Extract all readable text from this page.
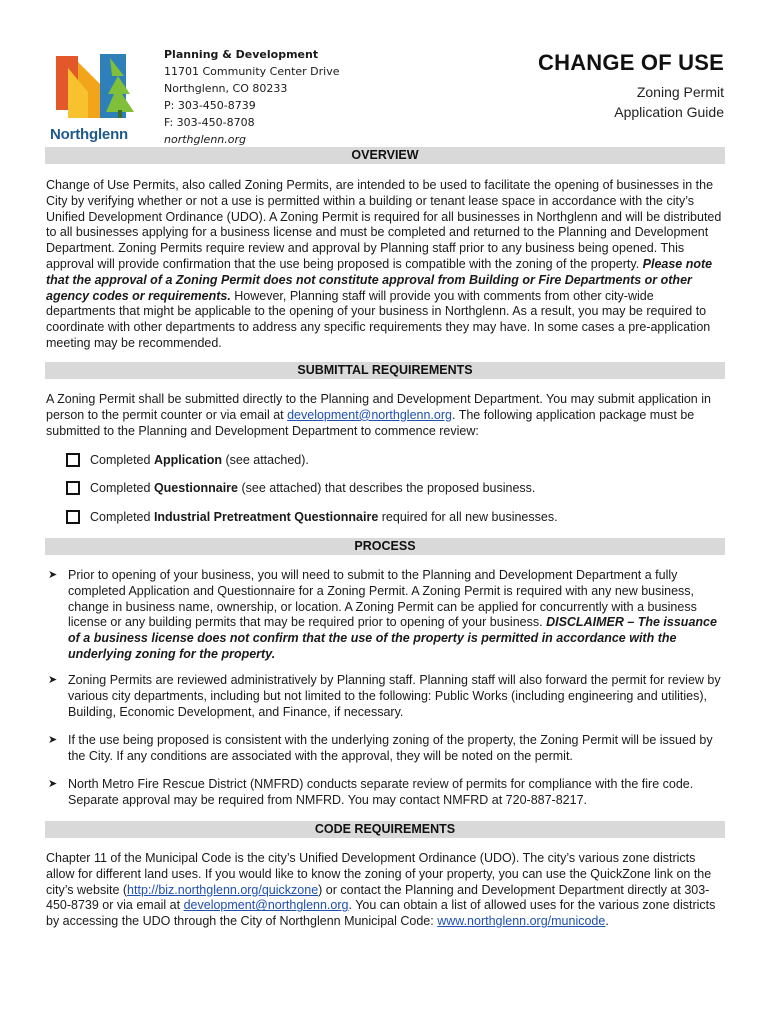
Northglenn
Planning & Development
11701 Community Center Drive
Northglenn, CO 80233
P: 303-450-8739
F: 303-450-8708
northglenn.org
CHANGE OF USE
Zoning Permit
Application Guide
OVERVIEW
Change of Use Permits, also called Zoning Permits, are intended to be used to facilitate the opening of businesses in the City by verifying whether or not a use is permitted within a building or tenant lease space in accordance with the city’s Unified Development Ordinance (UDO). A Zoning Permit is required for all businesses in Northglenn and will be distributed to all businesses applying for a business license and must be completed and returned to the Planning and Development Department. Zoning Permits require review and approval by Planning staff prior to any business being opened. This approval will provide confirmation that the use being proposed is compatible with the zoning of the property. Please note that the approval of a Zoning Permit does not constitute approval from Building or Fire Departments or other agency codes or requirements. However, Planning staff will provide you with comments from other city-wide departments that might be applicable to the opening of your business in Northglenn. As a result, you may be required to coordinate with other departments to address any specific requirements they may have. In some cases a pre-application meeting may be recommended.
SUBMITTAL REQUIREMENTS
A Zoning Permit shall be submitted directly to the Planning and Development Department. You may submit application in person to the permit counter or via email at development@northglenn.org. The following application package must be submitted to the Planning and Development Department to commence review:
Completed Application (see attached).
Completed Questionnaire (see attached) that describes the proposed business.
Completed Industrial Pretreatment Questionnaire required for all new businesses.
PROCESS
➤ Prior to opening of your business, you will need to submit to the Planning and Development Department a fully completed Application and Questionnaire for a Zoning Permit. A Zoning Permit is required with any new business, change in business name, ownership, or location. A Zoning Permit can be applied for concurrently with a business license or any building permits that may be required prior to opening of your business. DISCLAIMER – The issuance of a business license does not confirm that the use of the property is permitted in accordance with the underlying zoning for the property.
➤ Zoning Permits are reviewed administratively by Planning staff. Planning staff will also forward the permit for review by various city departments, including but not limited to the following: Public Works (including engineering and utilities), Building, Economic Development, and Finance, if necessary.
➤ If the use being proposed is consistent with the underlying zoning of the property, the Zoning Permit will be issued by the City. If any conditions are associated with the approval, they will be noted on the permit.
➤ North Metro Fire Rescue District (NMFRD) conducts separate review of permits for compliance with the fire code. Separate approval may be required from NMFRD. You may contact NMFRD at 720-887-8217.
CODE REQUIREMENTS
Chapter 11 of the Municipal Code is the city’s Unified Development Ordinance (UDO). The city’s various zone districts allow for different land uses. If you would like to know the zoning of your property, you can use the QuickZone link on the city’s website (http://biz.northglenn.org/quickzone) or contact the Planning and Development Department directly at 303-450-8739 or via email at development@northglenn.org. You can obtain a list of allowed uses for the various zone districts by accessing the UDO through the City of Northglenn Municipal Code: www.northglenn.org/municode.
